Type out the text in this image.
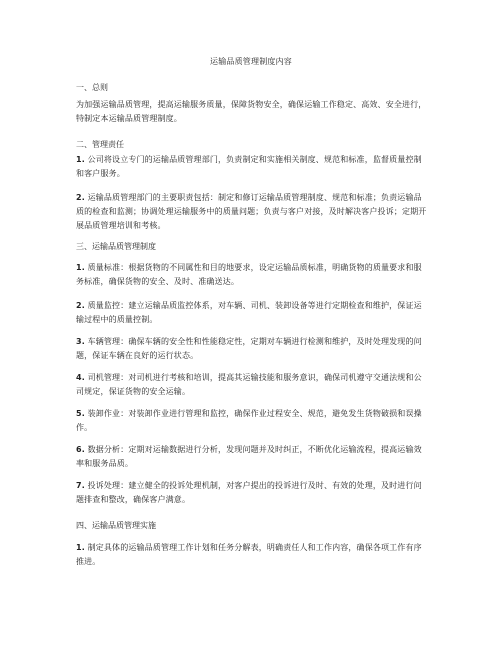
运输品质管理制度内容
一、总则
为加强运输品质管理，提高运输服务质量，保障货物安全，确保运输工作稳定、高效、安全进行，特制定本运输品质管理制度。
二、管理责任
1. 公司将设立专门的运输品质管理部门，负责制定和实施相关制度、规范和标准，监督质量控制和客户服务。
2. 运输品质管理部门的主要职责包括：制定和修订运输品质管理制度、规范和标准；负责运输品质的检查和监测；协调处理运输服务中的质量问题；负责与客户对接，及时解决客户投诉；定期开展品质管理培训和考核。
三、运输品质管理制度
1. 质量标准：根据货物的不同属性和目的地要求，设定运输品质标准，明确货物的质量要求和服务标准，确保货物的安全、及时、准确送达。
2. 质量监控：建立运输品质监控体系，对车辆、司机、装卸设备等进行定期检查和维护，保证运输过程中的质量控制。
3. 车辆管理：确保车辆的安全性和性能稳定性，定期对车辆进行检测和维护，及时处理发现的问题，保证车辆在良好的运行状态。
4. 司机管理：对司机进行考核和培训，提高其运输技能和服务意识，确保司机遵守交通法规和公司规定，保证货物的安全运输。
5. 装卸作业：对装卸作业进行管理和监控，确保作业过程安全、规范，避免发生货物破损和误操作。
6. 数据分析：定期对运输数据进行分析，发现问题并及时纠正，不断优化运输流程，提高运输效率和服务品质。
7. 投诉处理：建立健全的投诉处理机制，对客户提出的投诉进行及时、有效的处理，及时进行问题排查和整改，确保客户满意。
四、运输品质管理实施
1. 制定具体的运输品质管理工作计划和任务分解表，明确责任人和工作内容，确保各项工作有序推进。
